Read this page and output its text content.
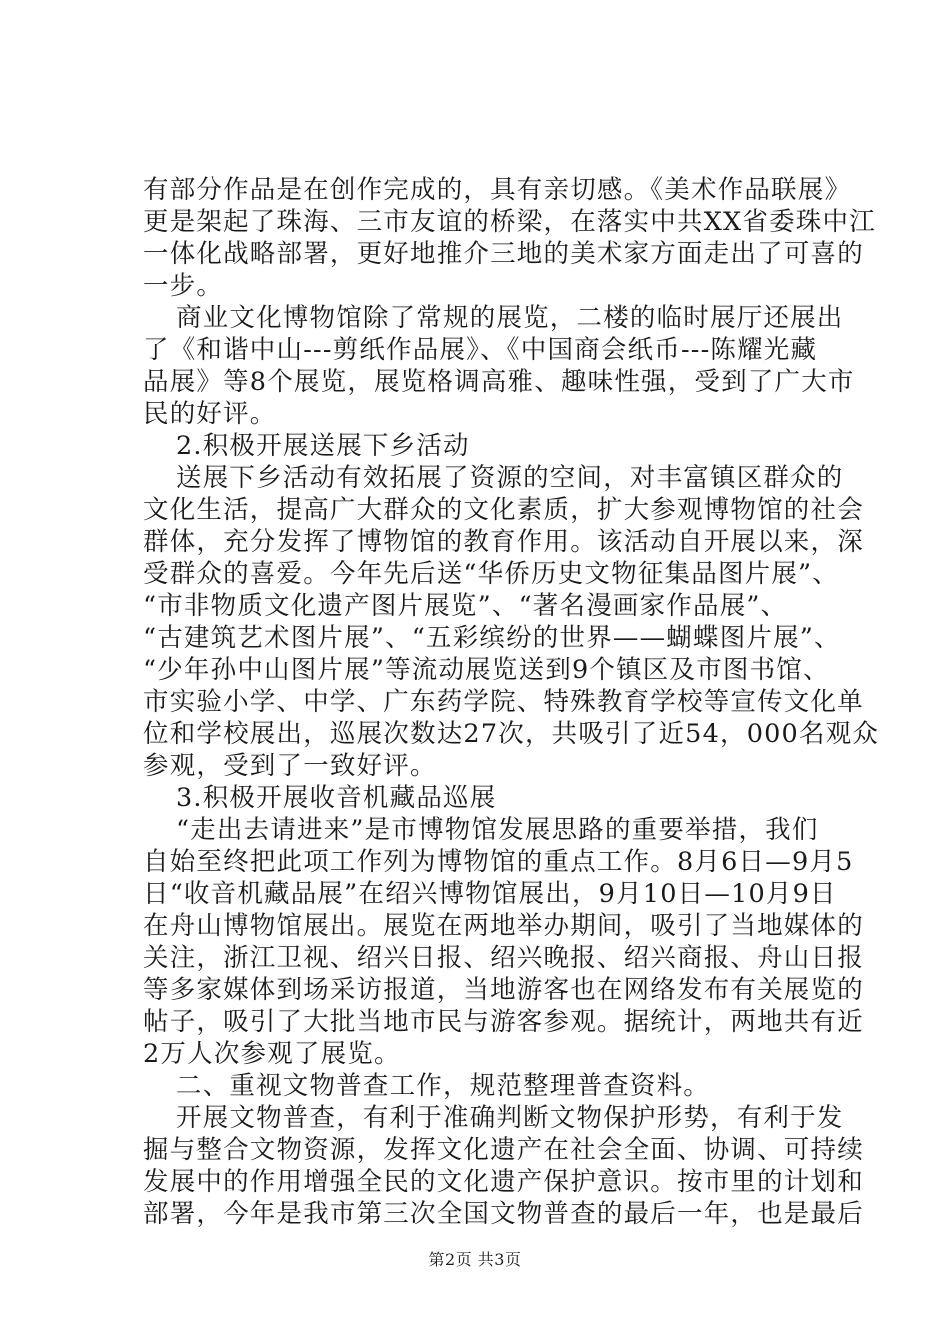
有部分作品是在创作完成的，具有亲切感。《美术作品联展》
更是架起了珠海、三市友谊的桥梁，在落实中共XX省委珠中江
一体化战略部署，更好地推介三地的美术家方面走出了可喜的
一步。
商业文化博物馆除了常规的展览，二楼的临时展厅还展出
了《和谐中山---剪纸作品展》、《中国商会纸币---陈耀光藏
品展》等8个展览，展览格调高雅、趣味性强，受到了广大市
民的好评。
2.积极开展送展下乡活动
送展下乡活动有效拓展了资源的空间，对丰富镇区群众的
文化生活，提高广大群众的文化素质，扩大参观博物馆的社会
群体，充分发挥了博物馆的教育作用。该活动自开展以来，深
受群众的喜爱。今年先后送“华侨历史文物征集品图片展”、
“市非物质文化遗产图片展览”、“著名漫画家作品展”、
“古建筑艺术图片展”、“五彩缤纷的世界——蝴蝶图片展”、
“少年孙中山图片展”等流动展览送到9个镇区及市图书馆、
市实验小学、中学、广东药学院、特殊教育学校等宣传文化单
位和学校展出，巡展次数达27次，共吸引了近54，000名观众
参观，受到了一致好评。
3.积极开展收音机藏品巡展
“走出去请进来”是市博物馆发展思路的重要举措，我们
自始至终把此项工作列为博物馆的重点工作。8月6日—9月5
日“收音机藏品展”在绍兴博物馆展出，9月10日—10月9日
在舟山博物馆展出。展览在两地举办期间，吸引了当地媒体的
关注，浙江卫视、绍兴日报、绍兴晚报、绍兴商报、舟山日报
等多家媒体到场采访报道，当地游客也在网络发布有关展览的
帖子，吸引了大批当地市民与游客参观。据统计，两地共有近
2万人次参观了展览。
二、重视文物普查工作，规范整理普查资料。
开展文物普查，有利于准确判断文物保护形势，有利于发
掘与整合文物资源，发挥文化遗产在社会全面、协调、可持续
发展中的作用增强全民的文化遗产保护意识。按市里的计划和
部署，今年是我市第三次全国文物普查的最后一年，也是最后
第2页 共3页
